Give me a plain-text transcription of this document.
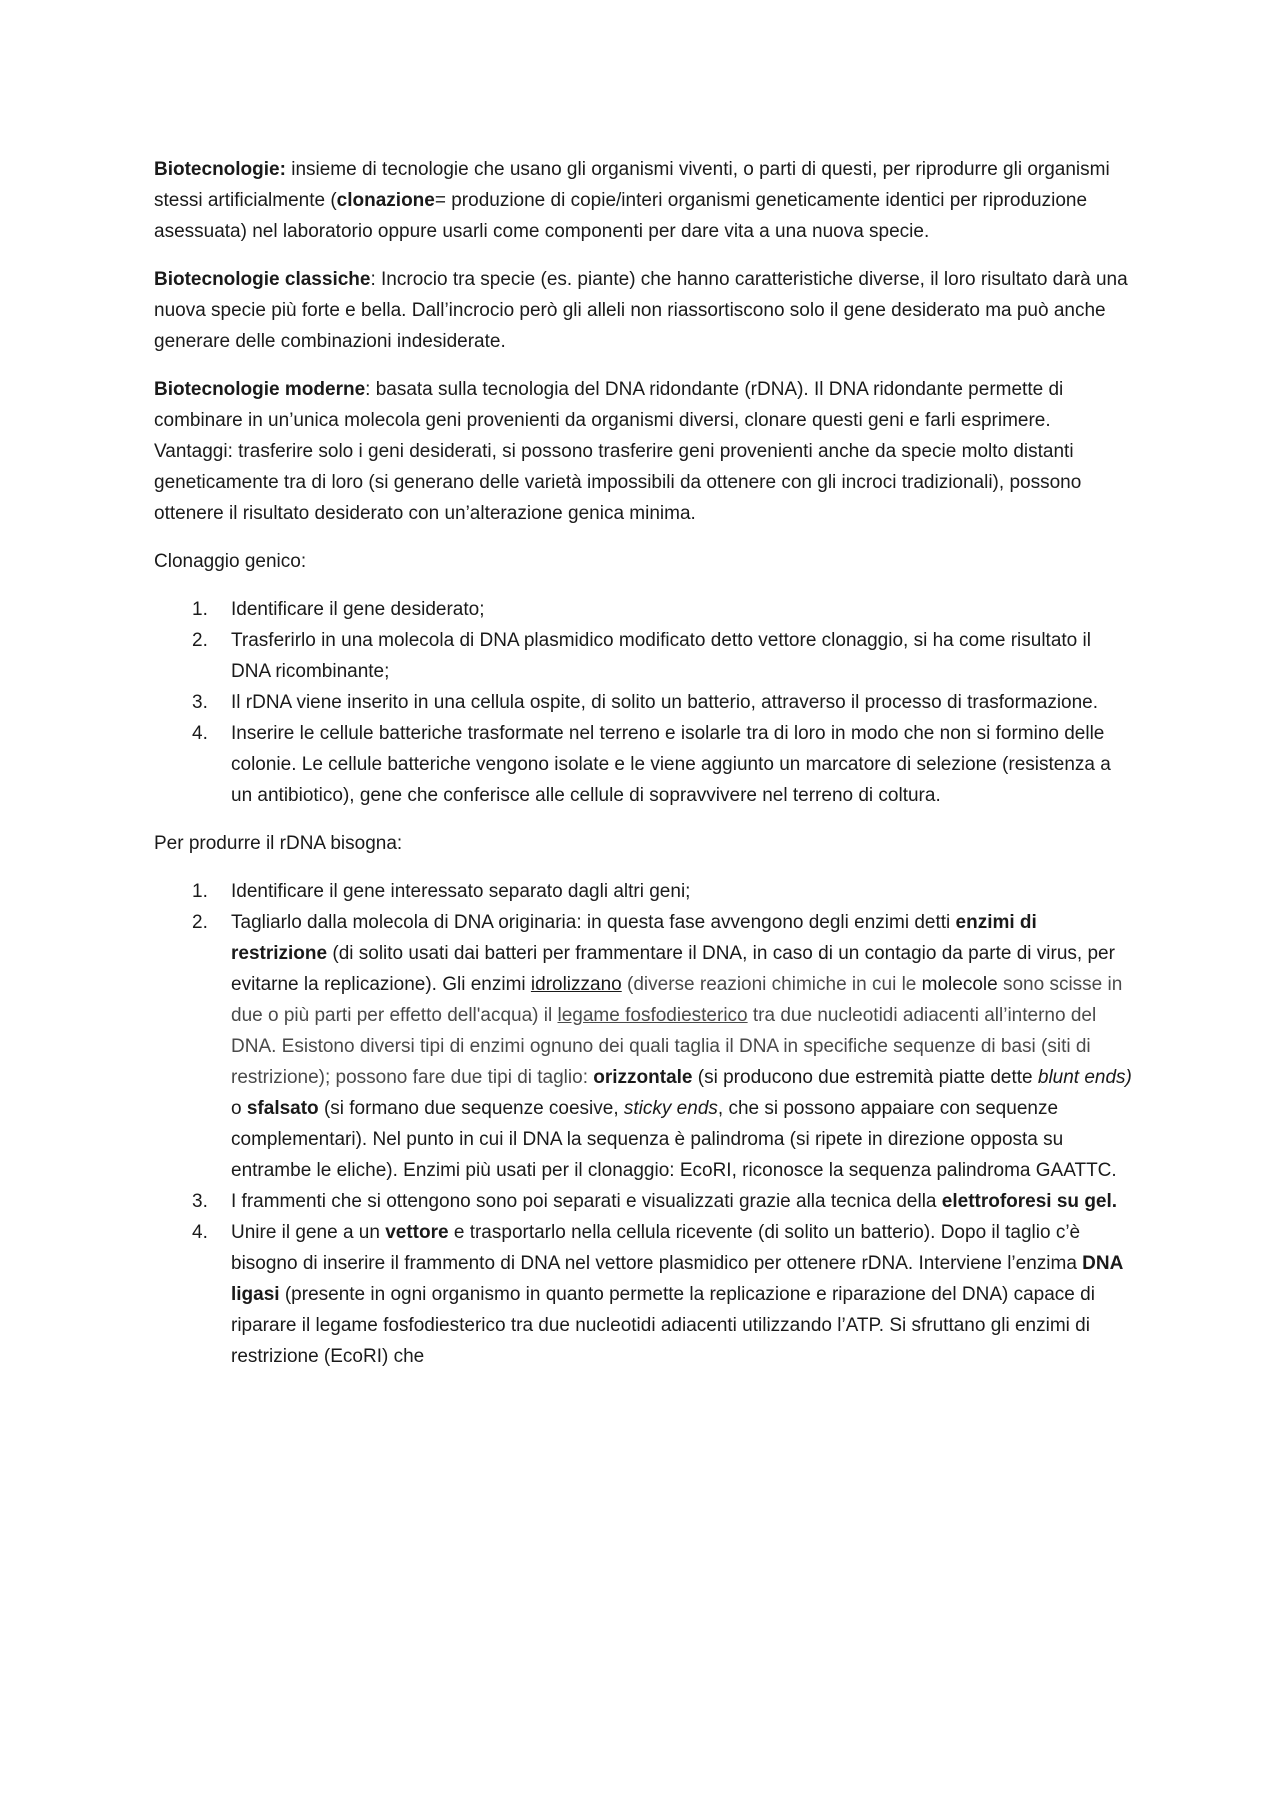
Biotecnologie: insieme di tecnologie che usano gli organismi viventi, o parti di questi, per riprodurre gli organismi stessi artificialmente (clonazione= produzione di copie/interi organismi geneticamente identici per riproduzione asessuata) nel laboratorio oppure usarli come componenti per dare vita a una nuova specie.

Biotecnologie classiche: Incrocio tra specie (es. piante) che hanno caratteristiche diverse, il loro risultato darà una nuova specie più forte e bella. Dall’incrocio però gli alleli non riassortiscono solo il gene desiderato ma può anche generare delle combinazioni indesiderate.

Biotecnologie moderne: basata sulla tecnologia del DNA ridondante (rDNA). Il DNA ridondante permette di combinare in un’unica molecola geni provenienti da organismi diversi, clonare questi geni e farli esprimere. Vantaggi: trasferire solo i geni desiderati, si possono trasferire geni provenienti anche da specie molto distanti geneticamente tra di loro (si generano delle varietà impossibili da ottenere con gli incroci tradizionali), possono ottenere il risultato desiderato con un’alterazione genica minima.

Clonaggio genico:

1. Identificare il gene desiderato;
2. Trasferirlo in una molecola di DNA plasmidico modificato detto vettore clonaggio, si ha come risultato il DNA ricombinante;
3. Il rDNA viene inserito in una cellula ospite, di solito un batterio, attraverso il processo di trasformazione.
4. Inserire le cellule batteriche trasformate nel terreno e isolarle tra di loro in modo che non si formino delle colonie. Le cellule batteriche vengono isolate e le viene aggiunto un marcatore di selezione (resistenza a un antibiotico), gene che conferisce alle cellule di sopravvivere nel terreno di coltura.

Per produrre il rDNA bisogna:

1. Identificare il gene interessato separato dagli altri geni;
2. Tagliarlo dalla molecola di DNA originaria: in questa fase avvengono degli enzimi detti enzimi di restrizione (di solito usati dai batteri per frammentare il DNA, in caso di un contagio da parte di virus, per evitarne la replicazione). Gli enzimi idrolizzano (diverse reazioni chimiche in cui le molecole sono scisse in due o più parti per effetto dell'acqua) il legame fosfodiesterico tra due nucleotidi adiacenti all’interno del DNA. Esistono diversi tipi di enzimi ognuno dei quali taglia il DNA in specifiche sequenze di basi (siti di restrizione); possono fare due tipi di taglio: orizzontale (si producono due estremità piatte dette blunt ends) o sfalsato (si formano due sequenze coesive, sticky ends, che si possono appaiare con sequenze complementari). Nel punto in cui il DNA la sequenza è palindroma (si ripete in direzione opposta su entrambe le eliche). Enzimi più usati per il clonaggio: EcoRI, riconosce la sequenza palindroma GAATTC.
3. I frammenti che si ottengono sono poi separati e visualizzati grazie alla tecnica della elettroforesi su gel.
4. Unire il gene a un vettore e trasportarlo nella cellula ricevente (di solito un batterio). Dopo il taglio c’è bisogno di inserire il frammento di DNA nel vettore plasmidico per ottenere rDNA. Interviene l’enzima DNA ligasi (presente in ogni organismo in quanto permette la replicazione e riparazione del DNA) capace di riparare il legame fosfodiesterico tra due nucleotidi adiacenti utilizzando l’ATP. Si sfruttano gli enzimi di restrizione (EcoRI) che
